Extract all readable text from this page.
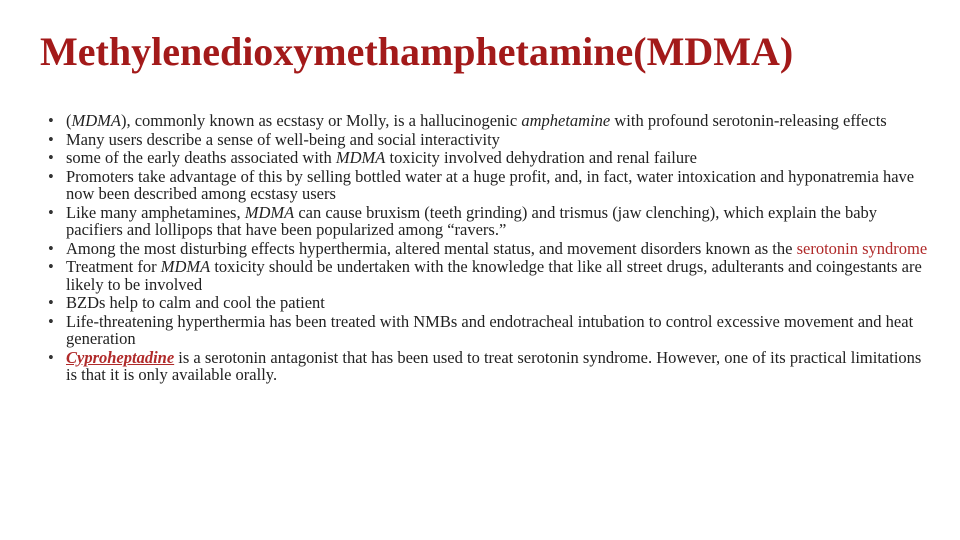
Methylenedioxymethamphetamine(MDMA)
• (MDMA), commonly known as ecstasy or Molly, is a hallucinogenic amphetamine with profound serotonin-releasing effects
• Many users describe a sense of well-being and social interactivity
• some of the early deaths associated with MDMA toxicity involved dehydration and renal failure
• Promoters take advantage of this by selling bottled water at a huge profit, and, in fact, water intoxication and hyponatremia have now been described among ecstasy users
• Like many amphetamines, MDMA can cause bruxism (teeth grinding) and trismus (jaw clenching), which explain the baby pacifiers and lollipops that have been popularized among “ravers.”
• Among the most disturbing effects hyperthermia, altered mental status, and movement disorders known as the serotonin syndrome
• Treatment for MDMA toxicity should be undertaken with the knowledge that like all street drugs, adulterants and coingestants are likely to be involved
• BZDs help to calm and cool the patient
• Life-threatening hyperthermia has been treated with NMBs and endotracheal intubation to control excessive movement and heat generation
• Cyproheptadine is a serotonin antagonist that has been used to treat serotonin syndrome. However, one of its practical limitations is that it is only available orally.
